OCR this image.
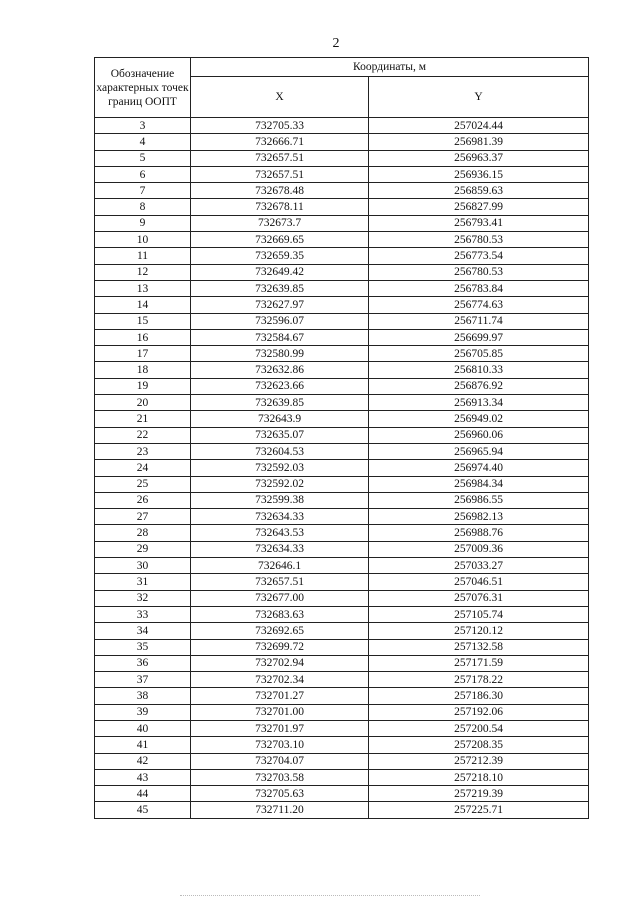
2
Обозначение характерных точек границ ООПТ	Координаты, м	
	X	Y
3	732705.33	257024.44
4	732666.71	256981.39
5	732657.51	256963.37
6	732657.51	256936.15
7	732678.48	256859.63
8	732678.11	256827.99
9	732673.7	256793.41
10	732669.65	256780.53
11	732659.35	256773.54
12	732649.42	256780.53
13	732639.85	256783.84
14	732627.97	256774.63
15	732596.07	256711.74
16	732584.67	256699.97
17	732580.99	256705.85
18	732632.86	256810.33
19	732623.66	256876.92
20	732639.85	256913.34
21	732643.9	256949.02
22	732635.07	256960.06
23	732604.53	256965.94
24	732592.03	256974.40
25	732592.02	256984.34
26	732599.38	256986.55
27	732634.33	256982.13
28	732643.53	256988.76
29	732634.33	257009.36
30	732646.1	257033.27
31	732657.51	257046.51
32	732677.00	257076.31
33	732683.63	257105.74
34	732692.65	257120.12
35	732699.72	257132.58
36	732702.94	257171.59
37	732702.34	257178.22
38	732701.27	257186.30
39	732701.00	257192.06
40	732701.97	257200.54
41	732703.10	257208.35
42	732704.07	257212.39
43	732703.58	257218.10
44	732705.63	257219.39
45	732711.20	257225.71
